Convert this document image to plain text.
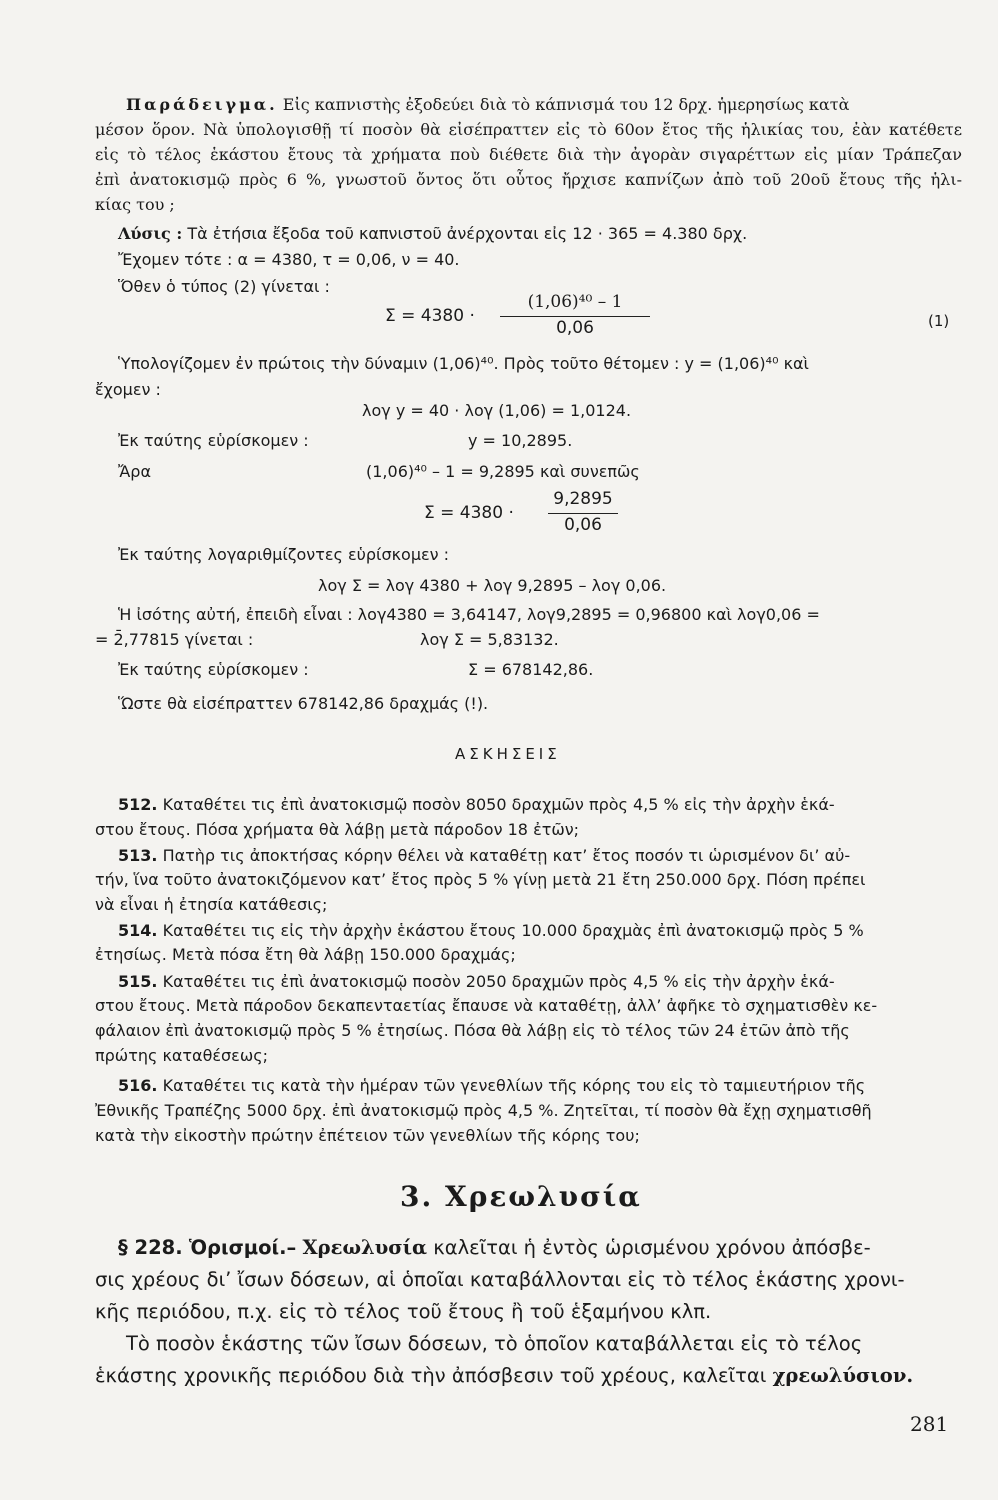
Παράδειγμα. Εἰς καπνιστὴς ἐξοδεύει διὰ τὸ κάπνισμά του 12 δρχ. ἡμερησίως κατὰ
μέσον ὅρον. Νὰ ὑπολογισθῇ τί ποσὸν θὰ εἰσέπραττεν εἰς τὸ 60ον ἔτος τῆς ἡλικίας του, ἐὰν κατέθετε
εἰς τὸ τέλος ἑκάστου ἔτους τὰ χρήματα ποὺ διέθετε διὰ τὴν ἀγορὰν σιγαρέττων εἰς μίαν Τράπεζαν
ἐπὶ ἀνατοκισμῷ πρὸς 6 %, γνωστοῦ ὄντος ὅτι οὗτος ἤρχισε καπνίζων ἀπὸ τοῦ 20οῦ ἔτους τῆς ἡλι-
κίας του ;
Λύσις : Τὰ ἐτήσια ἔξοδα τοῦ καπνιστοῦ ἀνέρχονται εἰς 12 · 365 = 4.380 δρχ.
Ἔχομεν τότε : α = 4380, τ = 0,06, ν = 40.
Ὅθεν ὁ τύπος (2) γίνεται :
Σ = 4380 ·
(1,06)⁴⁰ – 1
0,06	(1)
Ὑπολογίζομεν ἐν πρώτοις τὴν δύναμιν (1,06)⁴⁰. Πρὸς τοῦτο θέτομεν : y = (1,06)⁴⁰ καὶ
ἔχομεν :
λογ y = 40 · λογ (1,06) = 1,0124.
Ἐκ ταύτης εὑρίσκομεν :	y = 10,2895.
Ἄρα	(1,06)⁴⁰ – 1 = 9,2895 καὶ συνεπῶς
Σ = 4380 ·
9,2895
0,06
Ἐκ ταύτης λογαριθμίζοντες εὑρίσκομεν :
λογ Σ = λογ 4380 + λογ 9,2895 – λογ 0,06.
Ἡ ἰσότης αὐτή, ἐπειδὴ εἶναι : λογ4380 = 3,64147, λογ9,2895 = 0,96800 καὶ λογ0,06 =
= 2̄,77815 γίνεται :	λογ Σ = 5,83132.
Ἐκ ταύτης εὑρίσκομεν :	Σ = 678142,86.
Ὥστε θὰ εἰσέπραττεν 678142,86 δραχμάς (!).
ΑΣΚΗΣΕΙΣ
512. Καταθέτει τις ἐπὶ ἀνατοκισμῷ ποσὸν 8050 δραχμῶν πρὸς 4,5 % εἰς τὴν ἀρχὴν ἑκά-
στου ἔτους. Πόσα χρήματα θὰ λάβῃ μετὰ πάροδον 18 ἐτῶν;
513. Πατὴρ τις ἀποκτήσας κόρην θέλει νὰ καταθέτῃ κατ’ ἔτος ποσόν τι ὡρισμένον δι’ αὐ-
τήν, ἵνα τοῦτο ἀνατοκιζόμενον κατ’ ἔτος πρὸς 5 % γίνῃ μετὰ 21 ἔτη 250.000 δρχ. Πόση πρέπει
νὰ εἶναι ἡ ἐτησία κατάθεσις;
514. Καταθέτει τις εἰς τὴν ἀρχὴν ἑκάστου ἔτους 10.000 δραχμὰς ἐπὶ ἀνατοκισμῷ πρὸς 5 %
ἐτησίως. Μετὰ πόσα ἔτη θὰ λάβῃ 150.000 δραχμάς;
515. Καταθέτει τις ἐπὶ ἀνατοκισμῷ ποσὸν 2050 δραχμῶν πρὸς 4,5 % εἰς τὴν ἀρχὴν ἑκά-
στου ἔτους. Μετὰ πάροδον δεκαπενταετίας ἔπαυσε νὰ καταθέτῃ, ἀλλ’ ἀφῆκε τὸ σχηματισθὲν κε-
φάλαιον ἐπὶ ἀνατοκισμῷ πρὸς 5 % ἐτησίως. Πόσα θὰ λάβῃ εἰς τὸ τέλος τῶν 24 ἐτῶν ἀπὸ τῆς
πρώτης καταθέσεως;
516. Καταθέτει τις κατὰ τὴν ἡμέραν τῶν γενεθλίων τῆς κόρης του εἰς τὸ ταμιευτήριον τῆς
Ἐθνικῆς Τραπέζης 5000 δρχ. ἐπὶ ἀνατοκισμῷ πρὸς 4,5 %. Ζητεῖται, τί ποσὸν θὰ ἔχῃ σχηματισθῆ
κατὰ τὴν εἰκοστὴν πρώτην ἐπέτειον τῶν γενεθλίων τῆς κόρης του;
3. Χρεωλυσία
§ 228. Ὁρισμοί.– Χρεωλυσία καλεῖται ἡ ἐντὸς ὡρισμένου χρόνου ἀπόσβε-
σις χρέους δι’ ἴσων δόσεων, αἱ ὁποῖαι καταβάλλονται εἰς τὸ τέλος ἑκάστης χρονι-
κῆς περιόδου, π.χ. εἰς τὸ τέλος τοῦ ἔτους ἢ τοῦ ἑξαμήνου κλπ.
Τὸ ποσὸν ἑκάστης τῶν ἴσων δόσεων, τὸ ὁποῖον καταβάλλεται εἰς τὸ τέλος
ἑκάστης χρονικῆς περιόδου διὰ τὴν ἀπόσβεσιν τοῦ χρέους, καλεῖται χρεωλύσιον.
281
